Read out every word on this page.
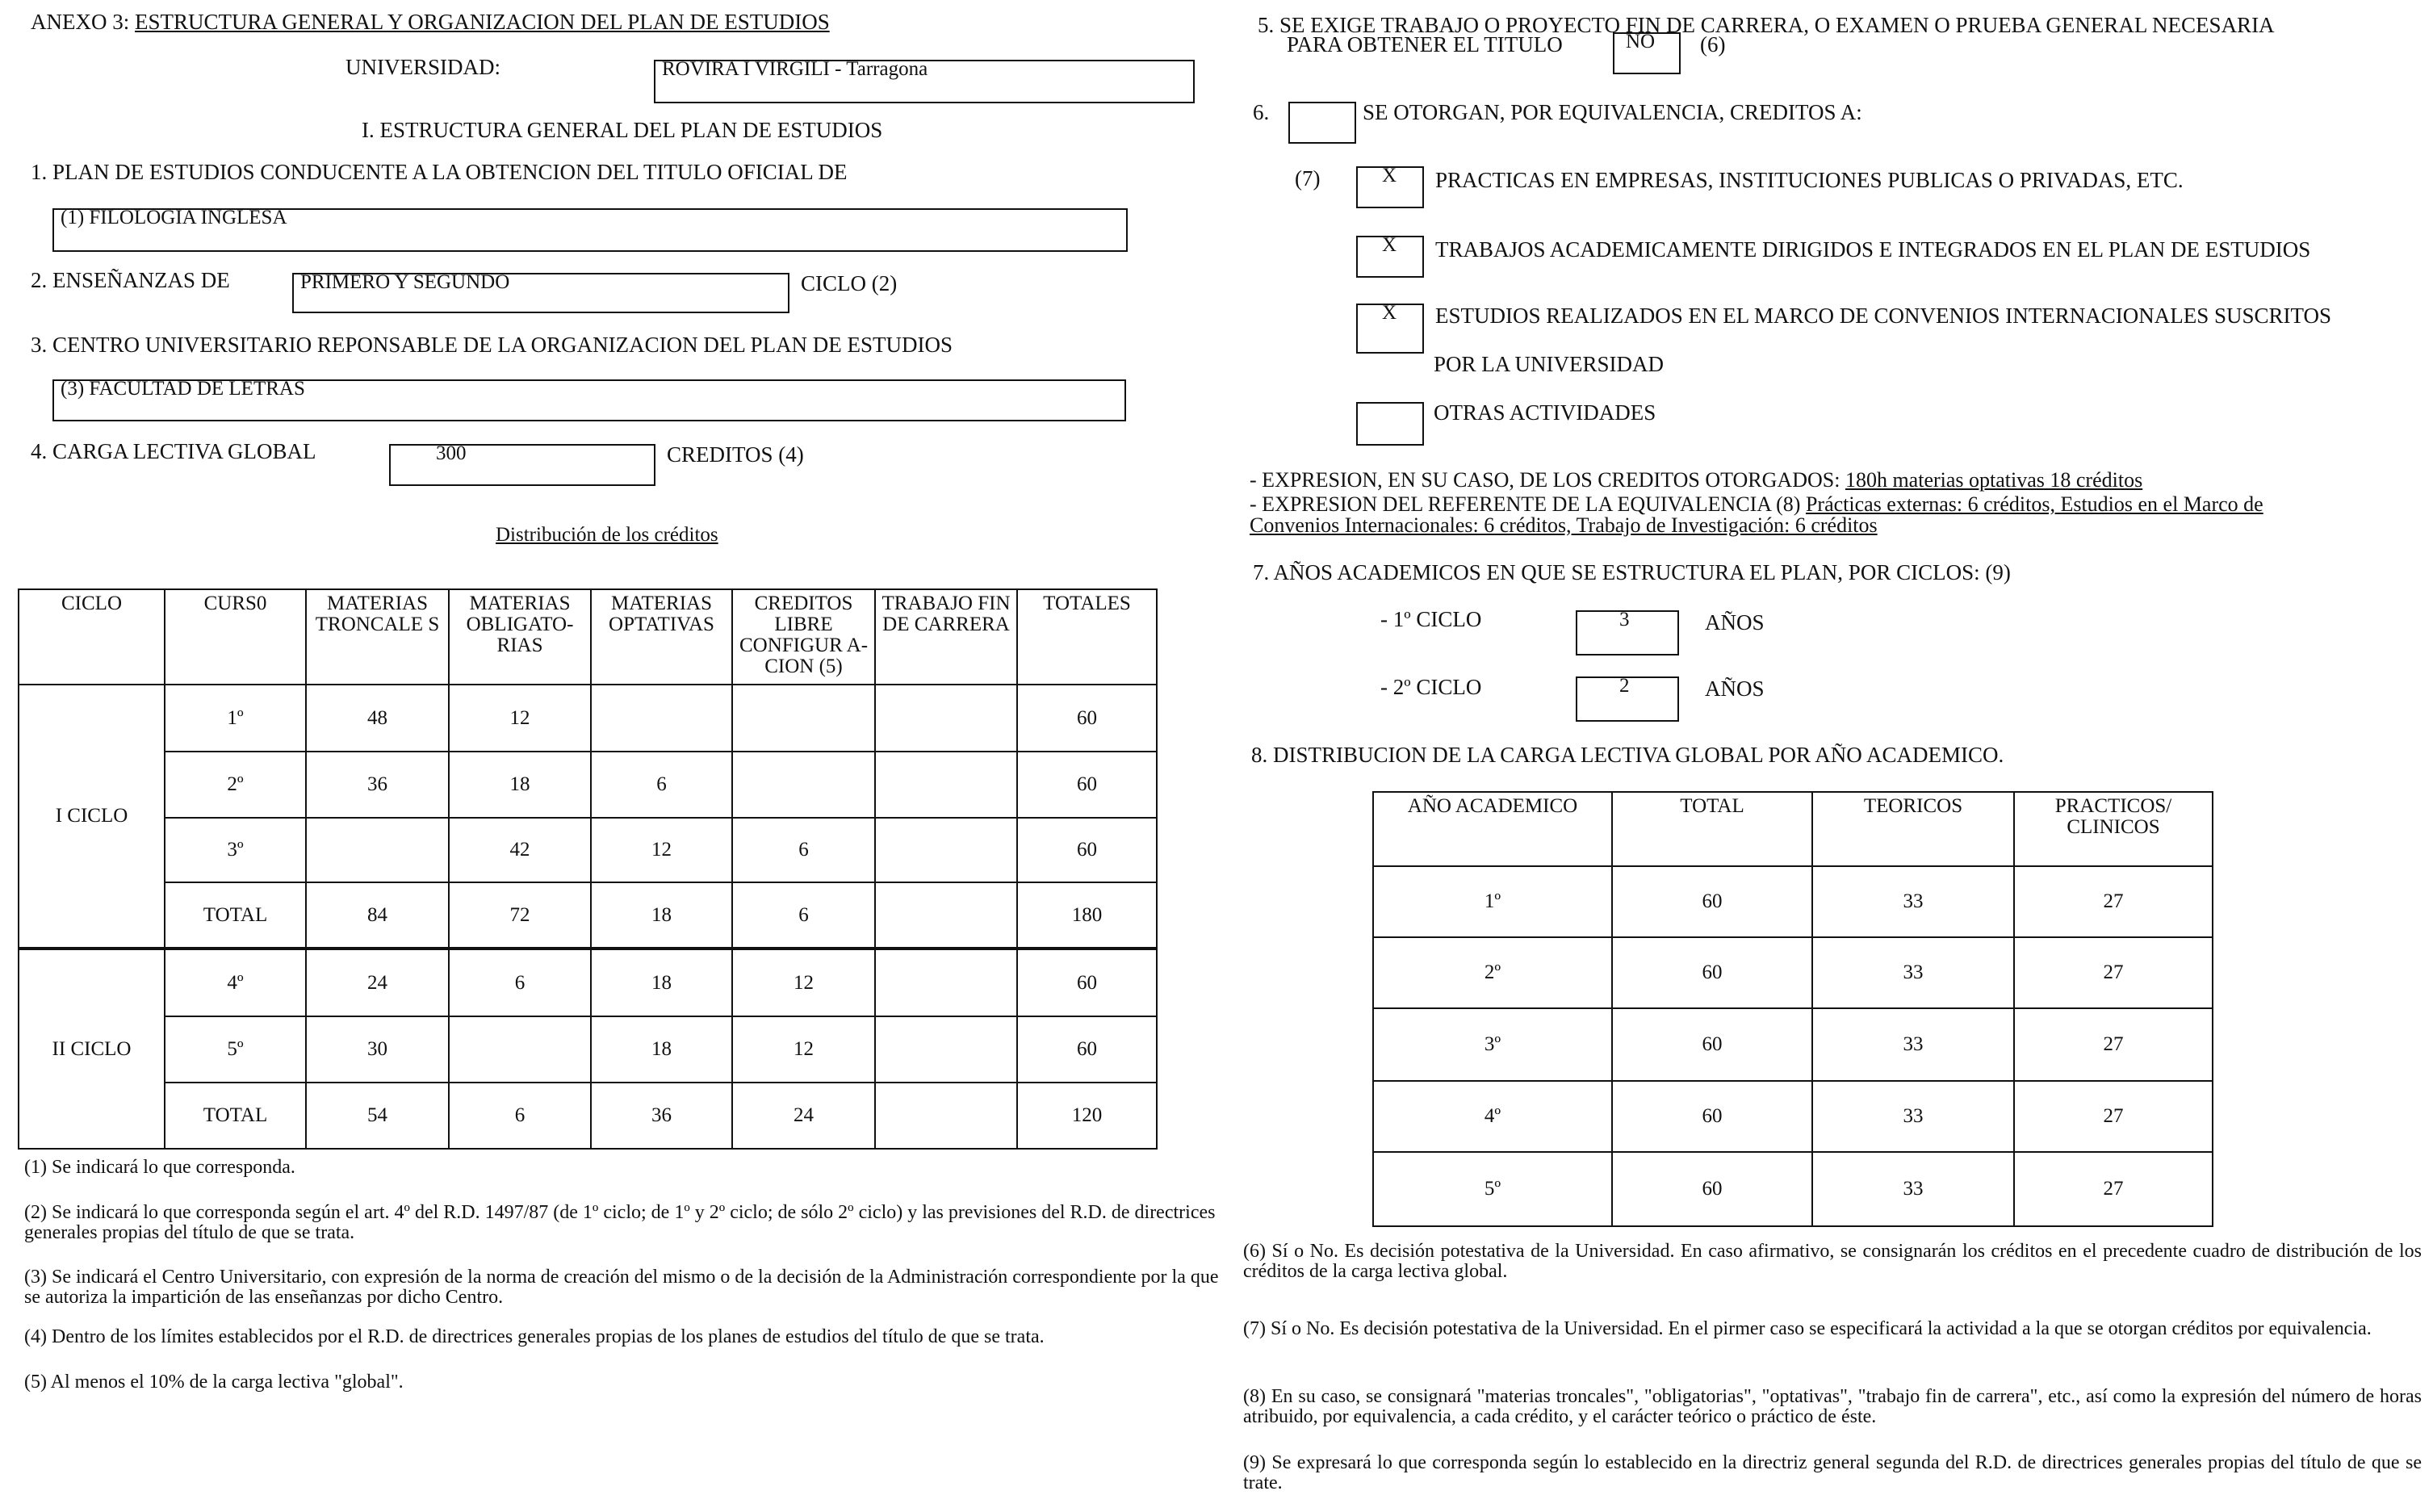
ANEXO 3: ESTRUCTURA GENERAL Y ORGANIZACION DEL PLAN DE ESTUDIOS
UNIVERSIDAD:	ROVIRA I VIRGILI - Tarragona
I. ESTRUCTURA GENERAL DEL PLAN DE ESTUDIOS
1. PLAN DE ESTUDIOS CONDUCENTE A LA OBTENCION DEL TITULO OFICIAL DE
(1) FILOLOGIA INGLESA
2. ENSEÑANZAS DE	PRIMERO Y SEGUNDO	CICLO (2)
3. CENTRO UNIVERSITARIO REPONSABLE DE LA ORGANIZACION DEL PLAN DE ESTUDIOS
(3) FACULTAD DE LETRAS
4. CARGA LECTIVA GLOBAL	300	CREDITOS (4)
Distribución de los créditos
CICLO	CURS0	MATERIAS TRONCALE S	MATERIAS OBLIGATO-RIAS	MATERIAS OPTATIVAS	CREDITOS LIBRE CONFIGUR A-CION (5)	TRABAJO FIN DE CARRERA	TOTALES
I CICLO	1º	48	12				60
	2º	36	18	6			60
	3º		42	12	6		60
	TOTAL	84	72	18	6		180
II CICLO	4º	24	6	18	12		60
	5º	30		18	12		60
	TOTAL	54	6	36	24		120
(1) Se indicará lo que corresponda.
(2) Se indicará lo que corresponda según el art. 4º del R.D. 1497/87 (de 1º ciclo; de 1º y 2º ciclo; de sólo 2º ciclo) y las previsiones del R.D. de directrices generales propias del título de que se trata.
(3) Se indicará el Centro Universitario, con expresión de la norma de creación del mismo o de la decisión de la Administración correspondiente por la que se autoriza la impartición de las enseñanzas por dicho Centro.
(4) Dentro de los límites establecidos por el R.D. de directrices generales propias de los planes de estudios del título de que se trata.
(5) Al menos el 10% de la carga lectiva "global".
5. SE EXIGE TRABAJO O PROYECTO FIN DE CARRERA, O EXAMEN O PRUEBA GENERAL NECESARIA
PARA OBTENER EL TITULO	NO (6)
6.	SE OTORGAN, POR EQUIVALENCIA, CREDITOS A:
(7)	X PRACTICAS EN EMPRESAS, INSTITUCIONES PUBLICAS O PRIVADAS, ETC.
X TRABAJOS ACADEMICAMENTE DIRIGIDOS E INTEGRADOS EN EL PLAN DE ESTUDIOS
X ESTUDIOS REALIZADOS EN EL MARCO DE CONVENIOS INTERNACIONALES SUSCRITOS
POR LA UNIVERSIDAD
OTRAS ACTIVIDADES
- EXPRESION, EN SU CASO, DE LOS CREDITOS OTORGADOS: 180h materias optativas 18 créditos
- EXPRESION DEL REFERENTE DE LA EQUIVALENCIA (8) Prácticas externas: 6 créditos, Estudios en el Marco de
Convenios Internacionales: 6 créditos, Trabajo de Investigación: 6 créditos
7. AÑOS ACADEMICOS EN QUE SE ESTRUCTURA EL PLAN, POR CICLOS: (9)
- 1º CICLO	3	AÑOS
- 2º CICLO	2	AÑOS
8. DISTRIBUCION DE LA CARGA LECTIVA GLOBAL POR AÑO ACADEMICO.
AÑO ACADEMICO	TOTAL	TEORICOS	PRACTICOS/ CLINICOS
1º	60	33	27
2º	60	33	27
3º	60	33	27
4º	60	33	27
5º	60	33	27
(6) Sí o No. Es decisión potestativa de la Universidad. En caso afirmativo, se consignarán los créditos en el precedente cuadro de distribución de los créditos de la carga lectiva global.
(7) Sí o No. Es decisión potestativa de la Universidad. En el pirmer caso se especificará la actividad a la que se otorgan créditos por equivalencia.
(8) En su caso, se consignará "materias troncales", "obligatorias", "optativas", "trabajo fin de carrera", etc., así como la expresión del número de horas atribuido, por equivalencia, a cada crédito, y el carácter teórico o práctico de éste.
(9) Se expresará lo que corresponda según lo establecido en la directriz general segunda del R.D. de directrices generales propias del título de que se trate.
